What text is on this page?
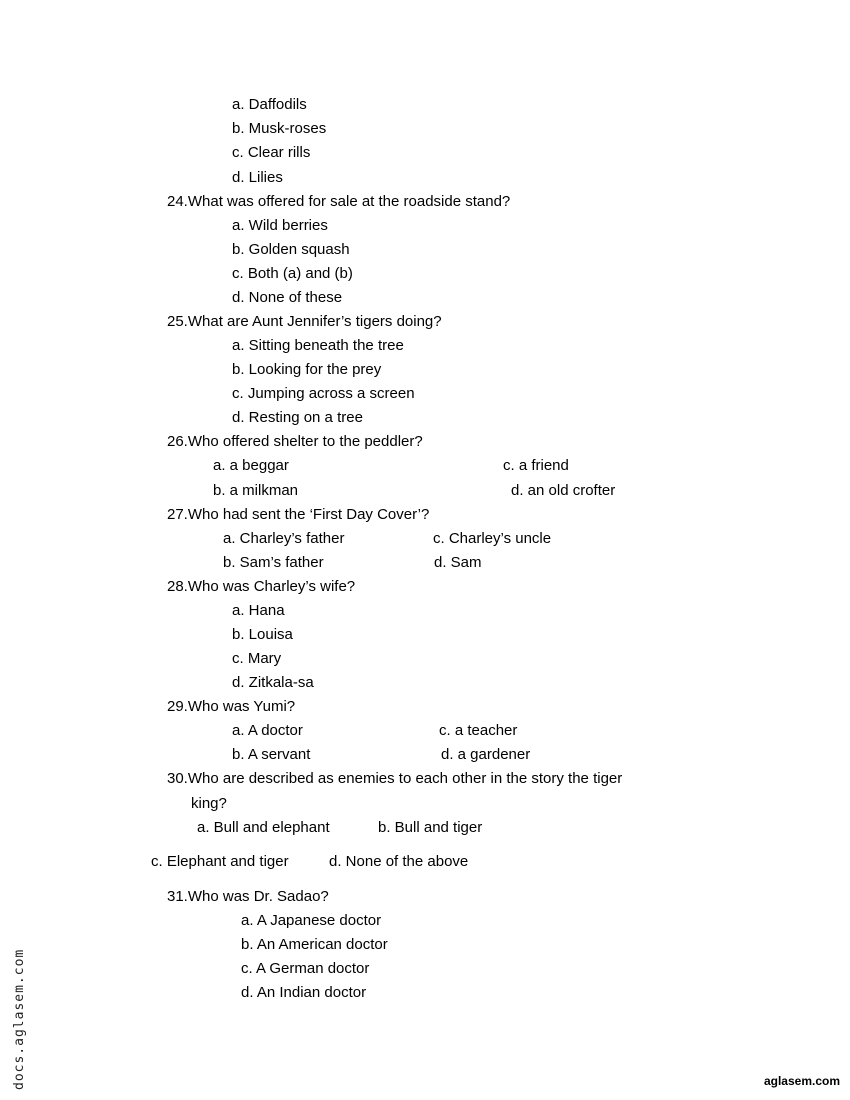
a. Daffodils
b. Musk-roses
c. Clear rills
d. Lilies
24.What was offered for sale at the roadside stand?
a. Wild berries
b. Golden squash
c. Both (a) and (b)
d. None of these
25.What are Aunt Jennifer’s tigers doing?
a. Sitting beneath the tree
b. Looking for the prey
c. Jumping across a screen
d. Resting on a tree
26.Who offered shelter to the peddler?
a. a beggar	c. a friend
b. a milkman	d. an old crofter
27.Who had sent the ‘First Day Cover’?
a. Charley’s father	c. Charley’s uncle
b. Sam’s father	d. Sam
28.Who was Charley’s wife?
a. Hana
b. Louisa
c. Mary
d. Zitkala-sa
29.Who was Yumi?
a. A doctor	c. a teacher
b. A servant	d. a gardener
30.Who are described as enemies to each other in the story the tiger
king?
a. Bull and elephant	b. Bull and tiger
c. Elephant and tiger	d. None of the above
31.Who was Dr. Sadao?
a. A Japanese doctor
b. An American doctor
c. A German doctor
d. An Indian doctor
docs.aglasem.com	aglasem.com
